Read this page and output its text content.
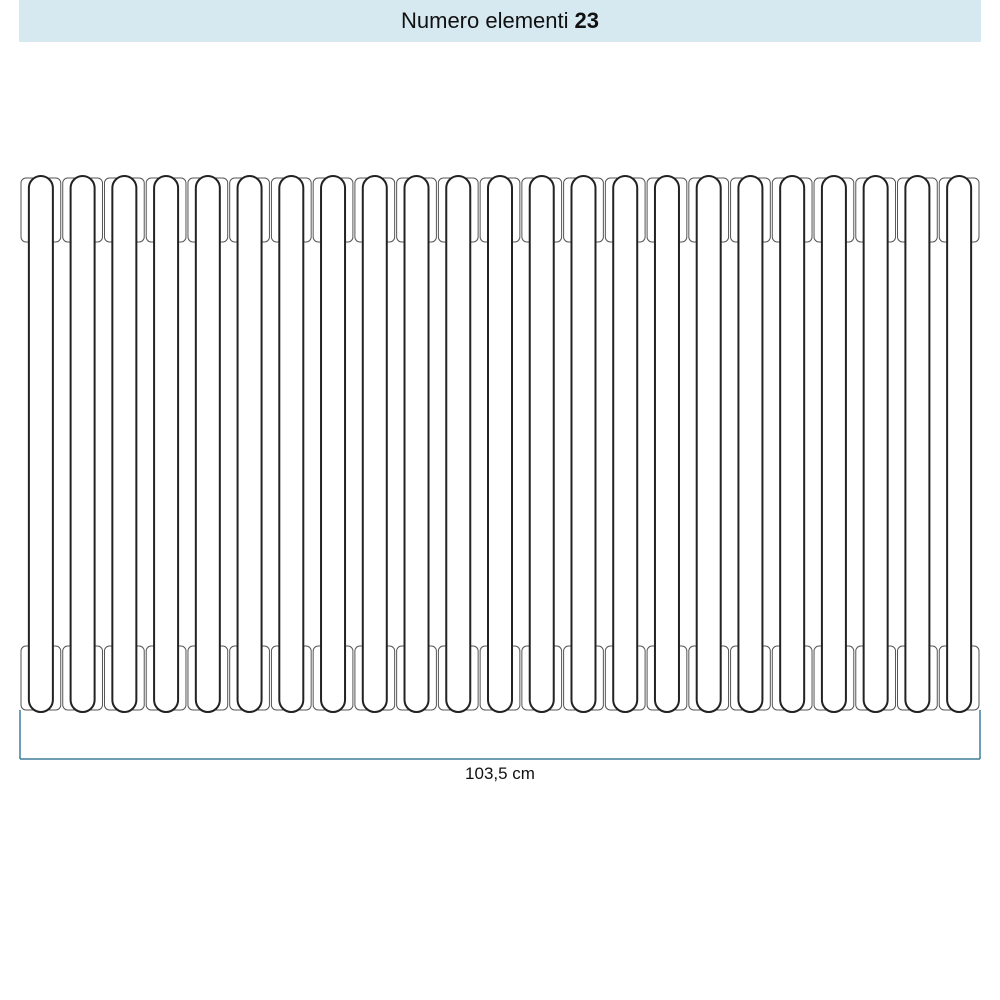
Numero elementi 23
103,5 cm
